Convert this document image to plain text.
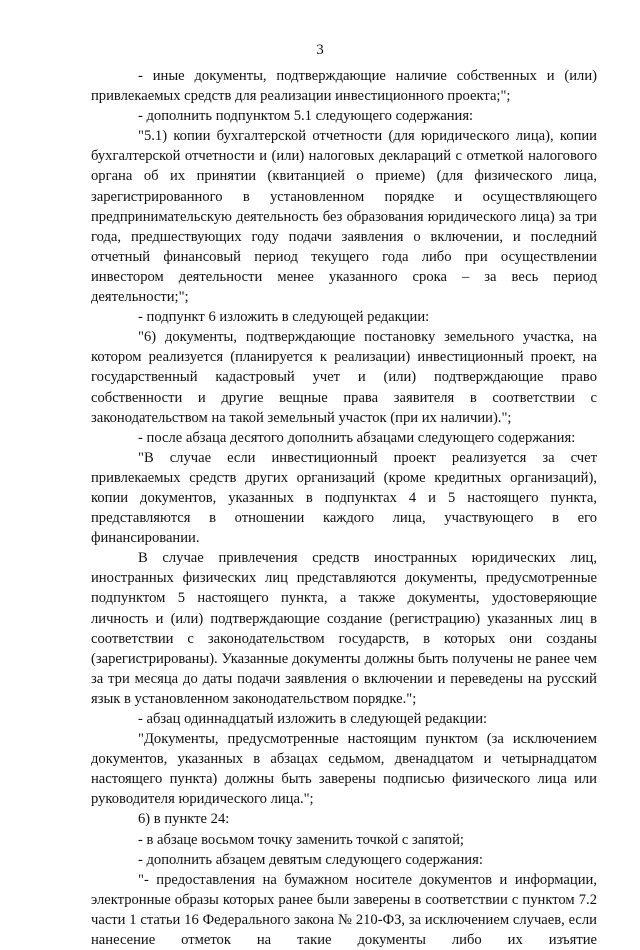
3

- иные документы, подтверждающие наличие собственных и (или) привлекаемых средств для реализации инвестиционного проекта;";

- дополнить подпунктом 5.1 следующего содержания:

"5.1) копии бухгалтерской отчетности (для юридического лица), копии бухгалтерской отчетности и (или) налоговых деклараций с отметкой налогового органа об их принятии (квитанцией о приеме) (для физического лица, зарегистрированного в установленном порядке и осуществляющего предпринимательскую деятельность без образования юридического лица) за три года, предшествующих году подачи заявления о включении, и последний отчетный финансовый период текущего года либо при осуществлении инвестором деятельности менее указанного срока – за весь период деятельности;";

- подпункт 6 изложить в следующей редакции:

"6) документы, подтверждающие постановку земельного участка, на котором реализуется (планируется к реализации) инвестиционный проект, на государственный кадастровый учет и (или) подтверждающие право собственности и другие вещные права заявителя в соответствии с законодательством на такой земельный участок (при их наличии).";

- после абзаца десятого дополнить абзацами следующего содержания:

"В случае если инвестиционный проект реализуется за счет привлекаемых средств других организаций (кроме кредитных организаций), копии документов, указанных в подпунктах 4 и 5 настоящего пункта, представляются в отношении каждого лица, участвующего в его финансировании.

В случае привлечения средств иностранных юридических лиц, иностранных физических лиц представляются документы, предусмотренные подпунктом 5 настоящего пункта, а также документы, удостоверяющие личность и (или) подтверждающие создание (регистрацию) указанных лиц в соответствии с законодательством государств, в которых они созданы (зарегистрированы). Указанные документы должны быть получены не ранее чем за три месяца до даты подачи заявления о включении и переведены на русский язык в установленном законодательством порядке.";

- абзац одиннадцатый изложить в следующей редакции:

"Документы, предусмотренные настоящим пунктом (за исключением документов, указанных в абзацах седьмом, двенадцатом и четырнадцатом настоящего пункта) должны быть заверены подписью физического лица или руководителя юридического лица.";

6) в пункте 24:

- в абзаце восьмом точку заменить точкой с запятой;

- дополнить абзацем девятым следующего содержания:

"- предоставления на бумажном носителе документов и информации, электронные образы которых ранее были заверены в соответствии с пунктом 7.2 части 1 статьи 16 Федерального закона № 210-ФЗ, за исключением случаев, если нанесение отметок на такие документы либо их изъятие
